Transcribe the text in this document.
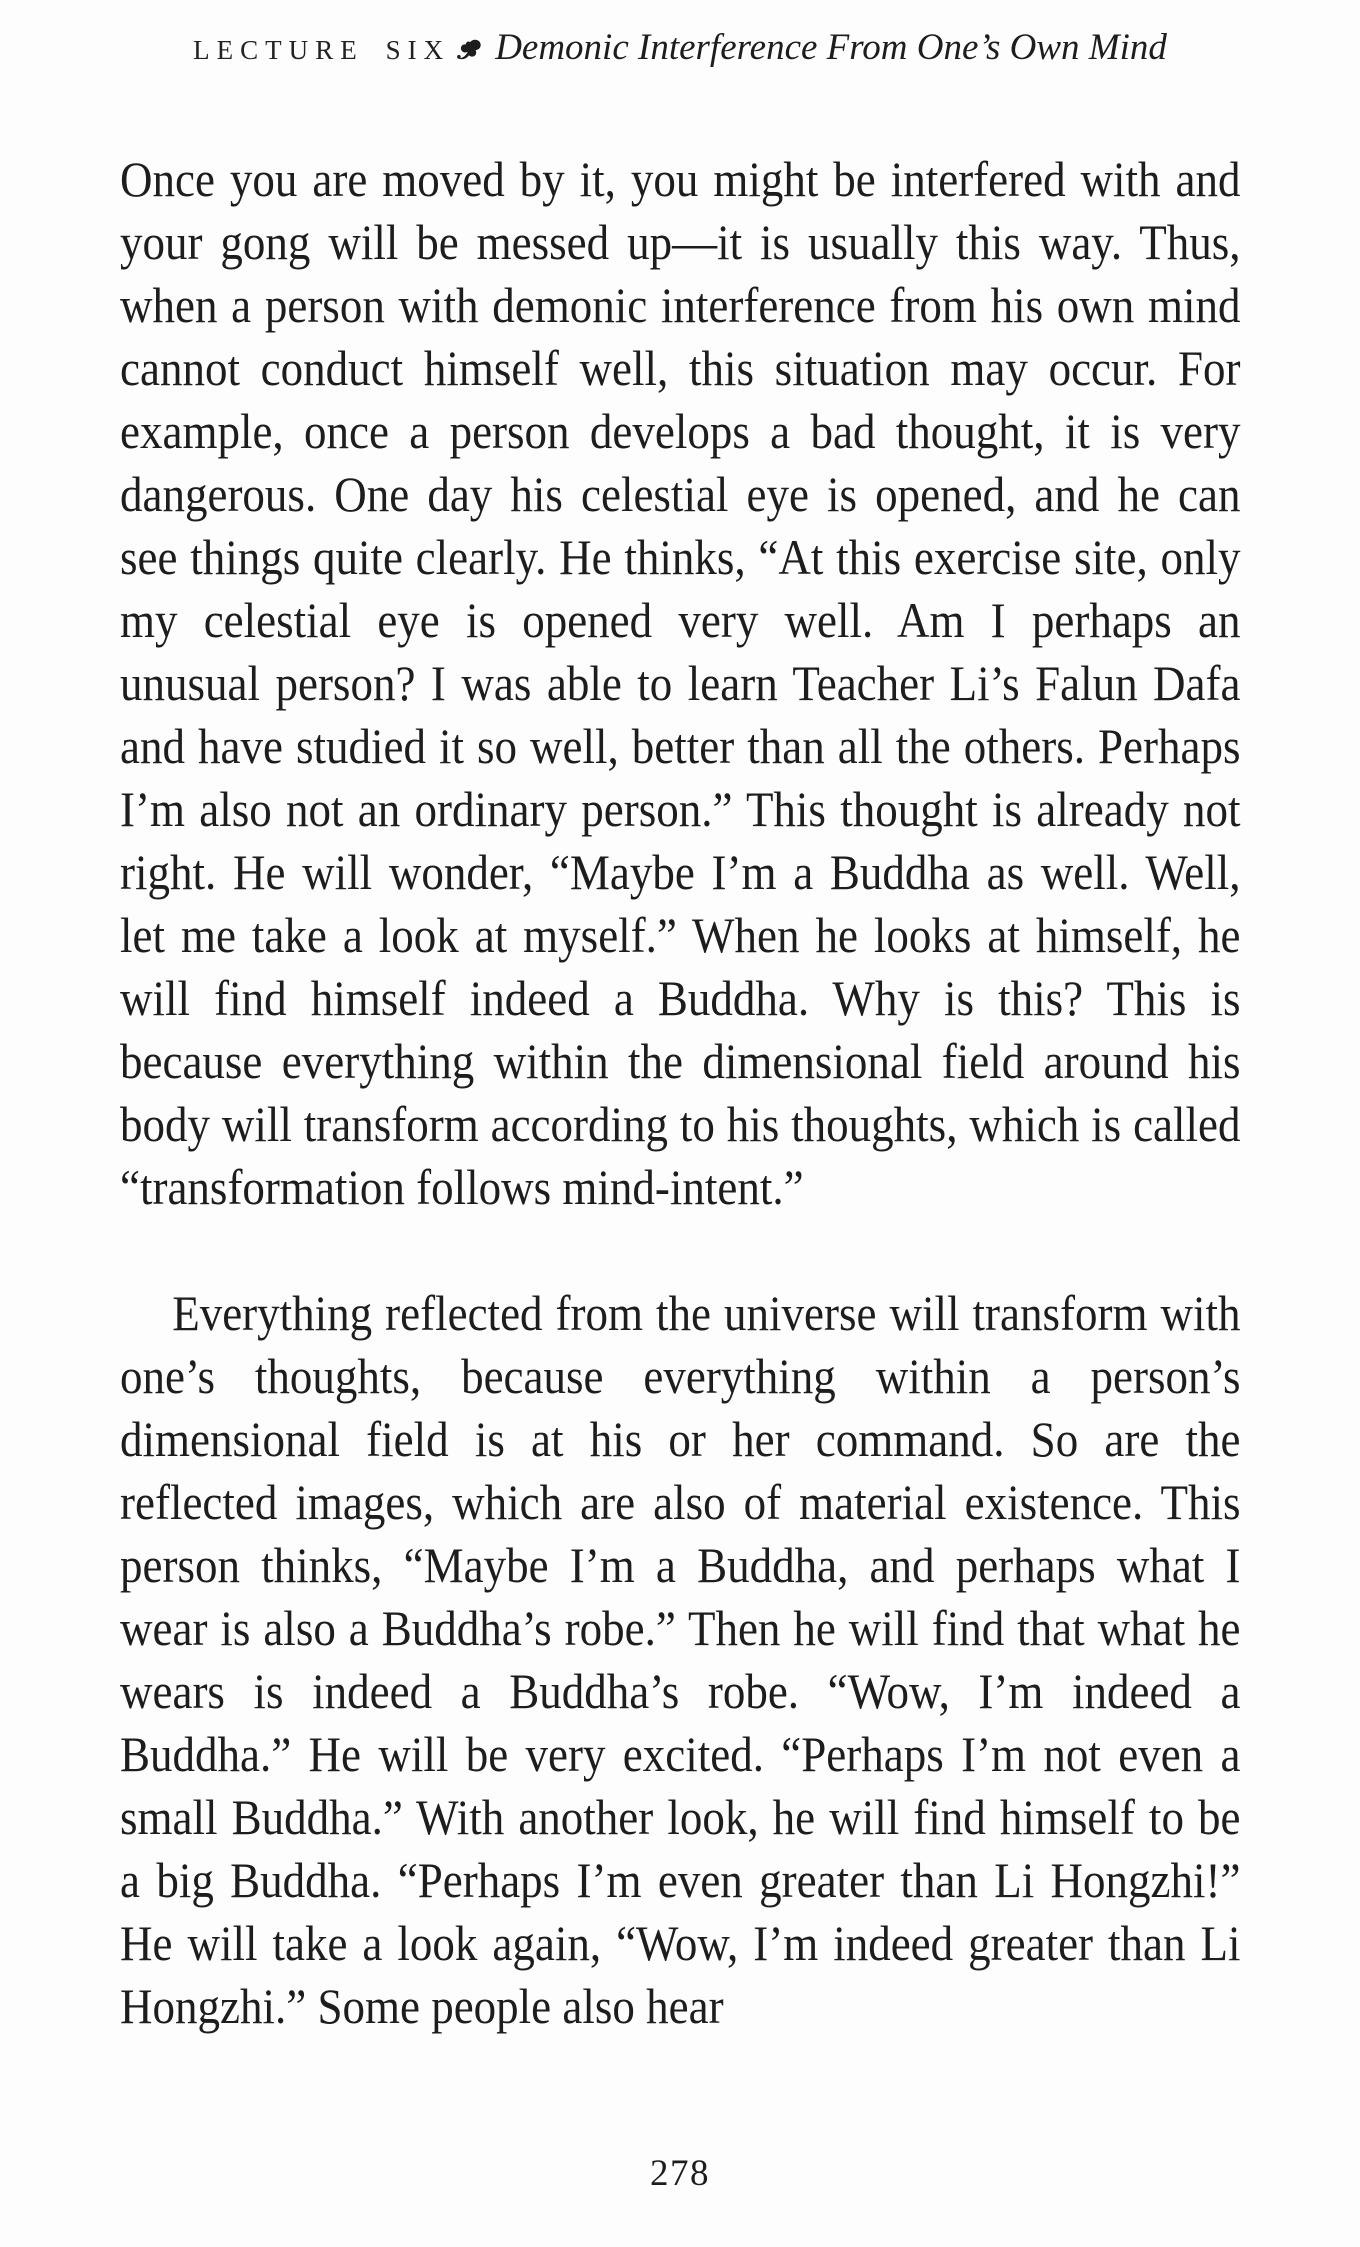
LECTURE SIX Demonic Interference From One’s Own Mind

Once you are moved by it, you might be interfered with and your gong will be messed up—it is usually this way. Thus, when a person with demonic interference from his own mind cannot conduct himself well, this situation may occur. For example, once a person develops a bad thought, it is very dangerous. One day his celestial eye is opened, and he can see things quite clearly. He thinks, “At this exercise site, only my celestial eye is opened very well. Am I perhaps an unusual person? I was able to learn Teacher Li’s Falun Dafa and have studied it so well, better than all the others. Perhaps I’m also not an ordinary person.” This thought is already not right. He will wonder, “Maybe I’m a Buddha as well. Well, let me take a look at myself.” When he looks at himself, he will find himself indeed a Buddha. Why is this? This is because everything within the dimensional field around his body will transform according to his thoughts, which is called “transformation follows mind-intent.”

Everything reflected from the universe will transform with one’s thoughts, because everything within a person’s dimensional field is at his or her command. So are the reflected images, which are also of material existence. This person thinks, “Maybe I’m a Buddha, and perhaps what I wear is also a Buddha’s robe.” Then he will find that what he wears is indeed a Buddha’s robe. “Wow, I’m indeed a Buddha.” He will be very excited. “Perhaps I’m not even a small Buddha.” With another look, he will find himself to be a big Buddha. “Perhaps I’m even greater than Li Hongzhi!” He will take a look again, “Wow, I’m indeed greater than Li Hongzhi.” Some people also hear

278
